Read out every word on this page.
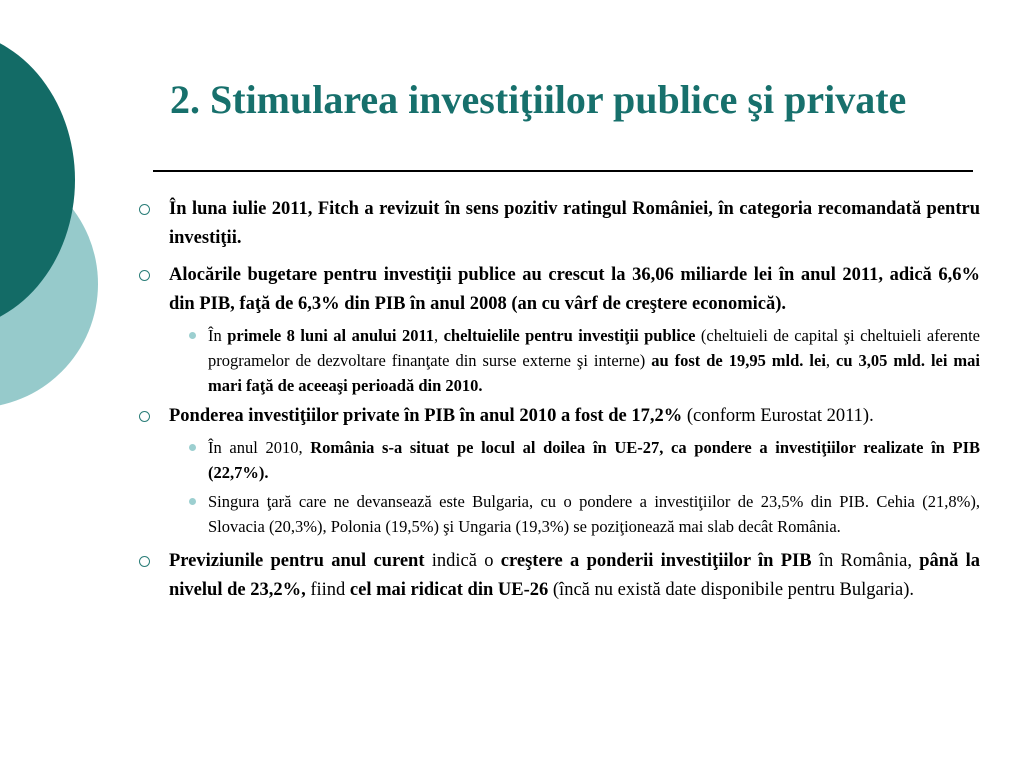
2. Stimularea investiţiilor publice şi private
În luna iulie 2011, Fitch a revizuit în sens pozitiv ratingul României, în categoria recomandată pentru investiţii.
Alocările bugetare pentru investiţii publice au crescut la 36,06 miliarde lei în anul 2011, adică 6,6% din PIB, faţă de 6,3% din PIB în anul 2008 (an cu vârf de creştere economică).
În primele 8 luni al anului 2011, cheltuielile pentru investiţii publice (cheltuieli de capital şi cheltuieli aferente programelor de dezvoltare finanţate din surse externe şi interne) au fost de 19,95 mld. lei, cu 3,05 mld. lei mai mari faţă de aceeaşi perioadă din 2010.
Ponderea investiţiilor private în PIB în anul 2010 a fost de 17,2% (conform Eurostat 2011).
În anul 2010, România s-a situat pe locul al doilea în UE-27, ca pondere a investiţiilor realizate în PIB (22,7%).
Singura ţară care ne devansează este Bulgaria, cu o pondere a investiţiilor de 23,5% din PIB. Cehia (21,8%), Slovacia (20,3%), Polonia (19,5%) şi Ungaria (19,3%) se poziţionează mai slab decât România.
Previziunile pentru anul curent indică o creştere a ponderii investiţiilor în PIB în România, până la nivelul de 23,2%, fiind cel mai ridicat din UE-26 (încă nu există date disponibile pentru Bulgaria).
